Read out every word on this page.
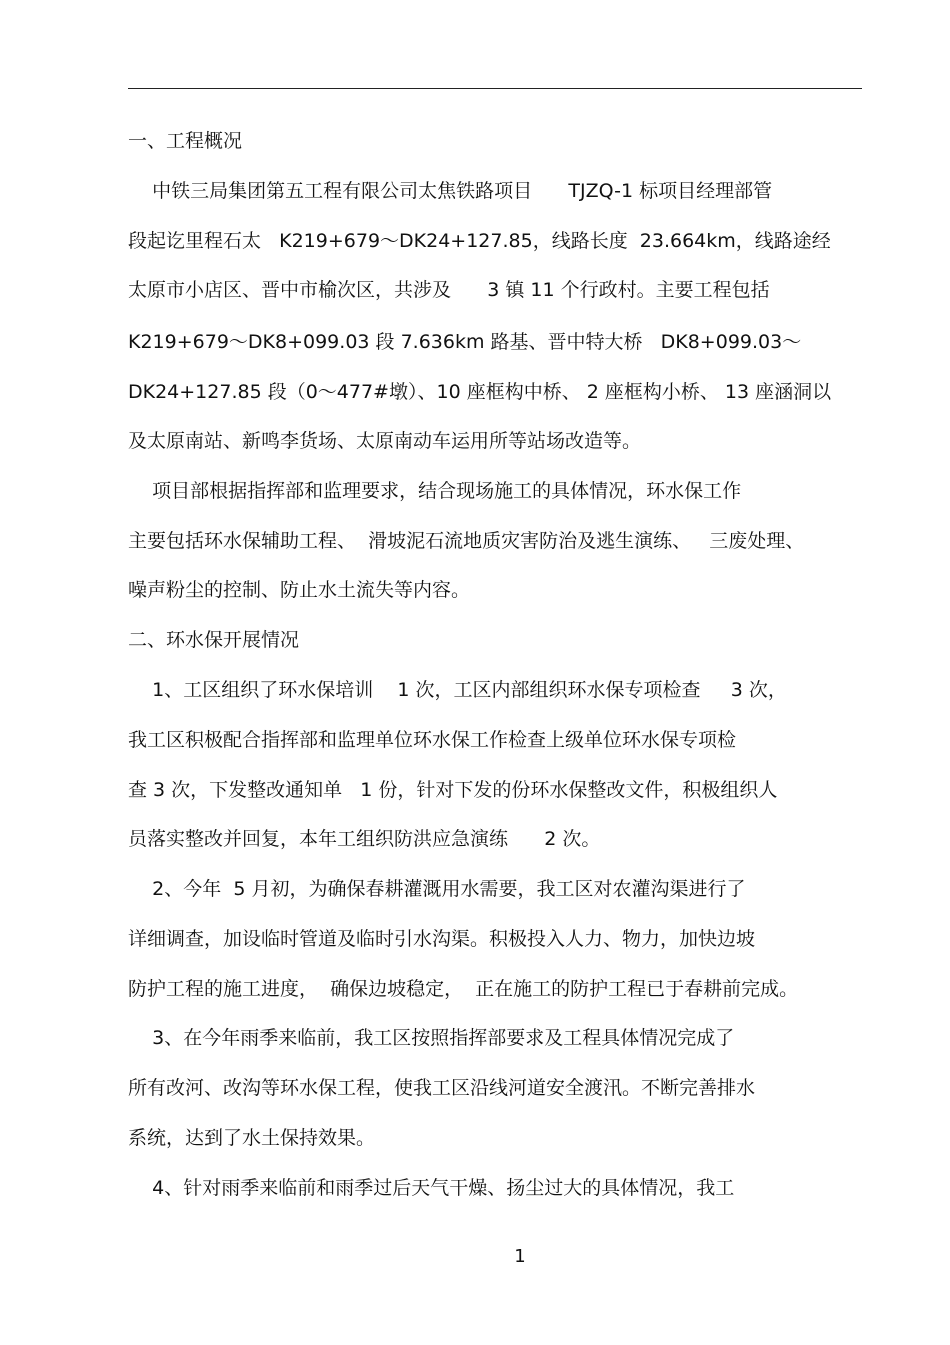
一、工程概况

中铁三局集团第五工程有限公司太焦铁路项目      TJZQ-1 标项目经理部管

段起讫里程石太   K219+679～DK24+127.85，线路长度  23.664km，线路途经

太原市小店区、晋中市榆次区，共涉及      3 镇 11 个行政村。主要工程包括

K219+679～DK8+099.03 段 7.636km 路基、晋中特大桥   DK8+099.03～

DK24+127.85 段（0～477#墩）、10 座框构中桥、 2 座框构小桥、 13 座涵洞以

及太原南站、新鸣李货场、太原南动车运用所等站场改造等。

项目部根据指挥部和监理要求，结合现场施工的具体情况，环水保工作

主要包括环水保辅助工程、  滑坡泥石流地质灾害防治及逃生演练、   三废处理、

噪声粉尘的控制、防止水土流失等内容。

二、环水保开展情况

1、工区组织了环水保培训    1 次，工区内部组织环水保专项检查     3 次，

我工区积极配合指挥部和监理单位环水保工作检查上级单位环水保专项检

查 3 次，下发整改通知单   1 份，针对下发的份环水保整改文件，积极组织人

员落实整改并回复，本年工组织防洪应急演练      2 次。

2、今年  5 月初，为确保春耕灌溉用水需要，我工区对农灌沟渠进行了

详细调查，加设临时管道及临时引水沟渠。积极投入人力、物力，加快边坡

防护工程的施工进度，  确保边坡稳定，  正在施工的防护工程已于春耕前完成。

3、在今年雨季来临前，我工区按照指挥部要求及工程具体情况完成了

所有改河、改沟等环水保工程，使我工区沿线河道安全渡汛。不断完善排水

系统，达到了水土保持效果。

4、针对雨季来临前和雨季过后天气干燥、扬尘过大的具体情况，我工

1
